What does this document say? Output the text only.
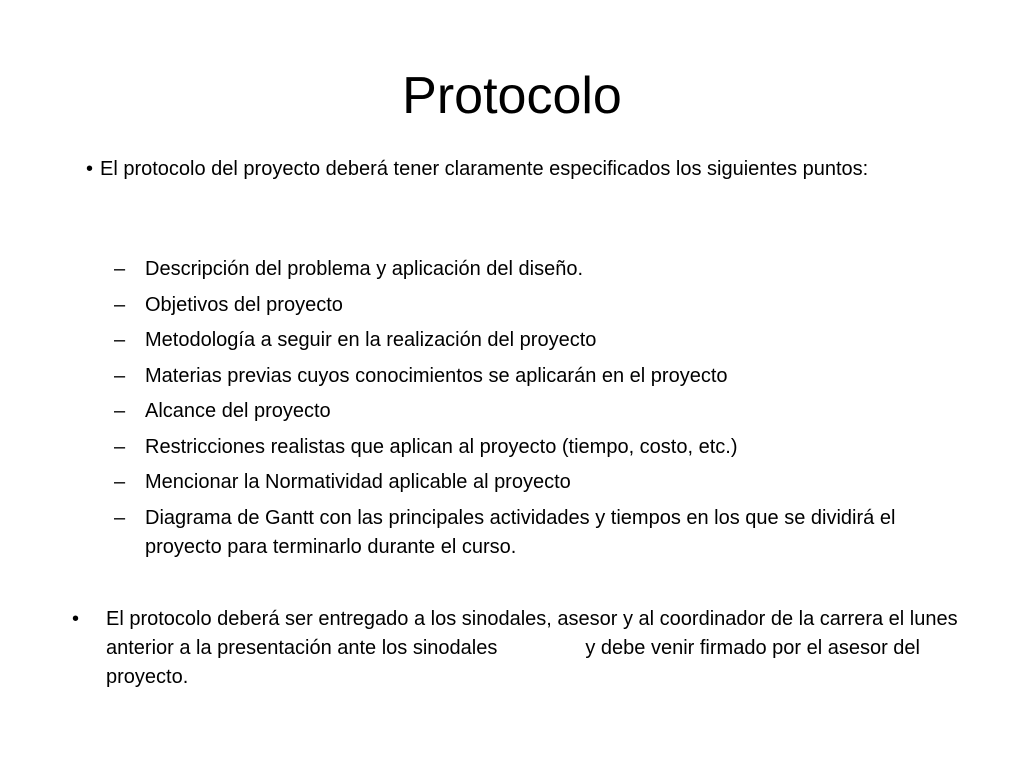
Protocolo
• El protocolo del proyecto deberá tener claramente especificados los siguientes puntos:
– Descripción del problema y aplicación del diseño.
– Objetivos del proyecto
– Metodología a seguir en la realización del proyecto
– Materias previas cuyos conocimientos se aplicarán en el proyecto
– Alcance del proyecto
– Restricciones realistas que aplican al proyecto (tiempo, costo, etc.)
– Mencionar la Normatividad aplicable al proyecto
– Diagrama de Gantt con las principales actividades y tiempos en los que se dividirá el proyecto para terminarlo durante el curso.
• El protocolo deberá ser entregado a los sinodales, asesor y al coordinador de la carrera el lunes anterior a la presentación ante los sinodales	y debe venir firmado por el asesor del proyecto.
